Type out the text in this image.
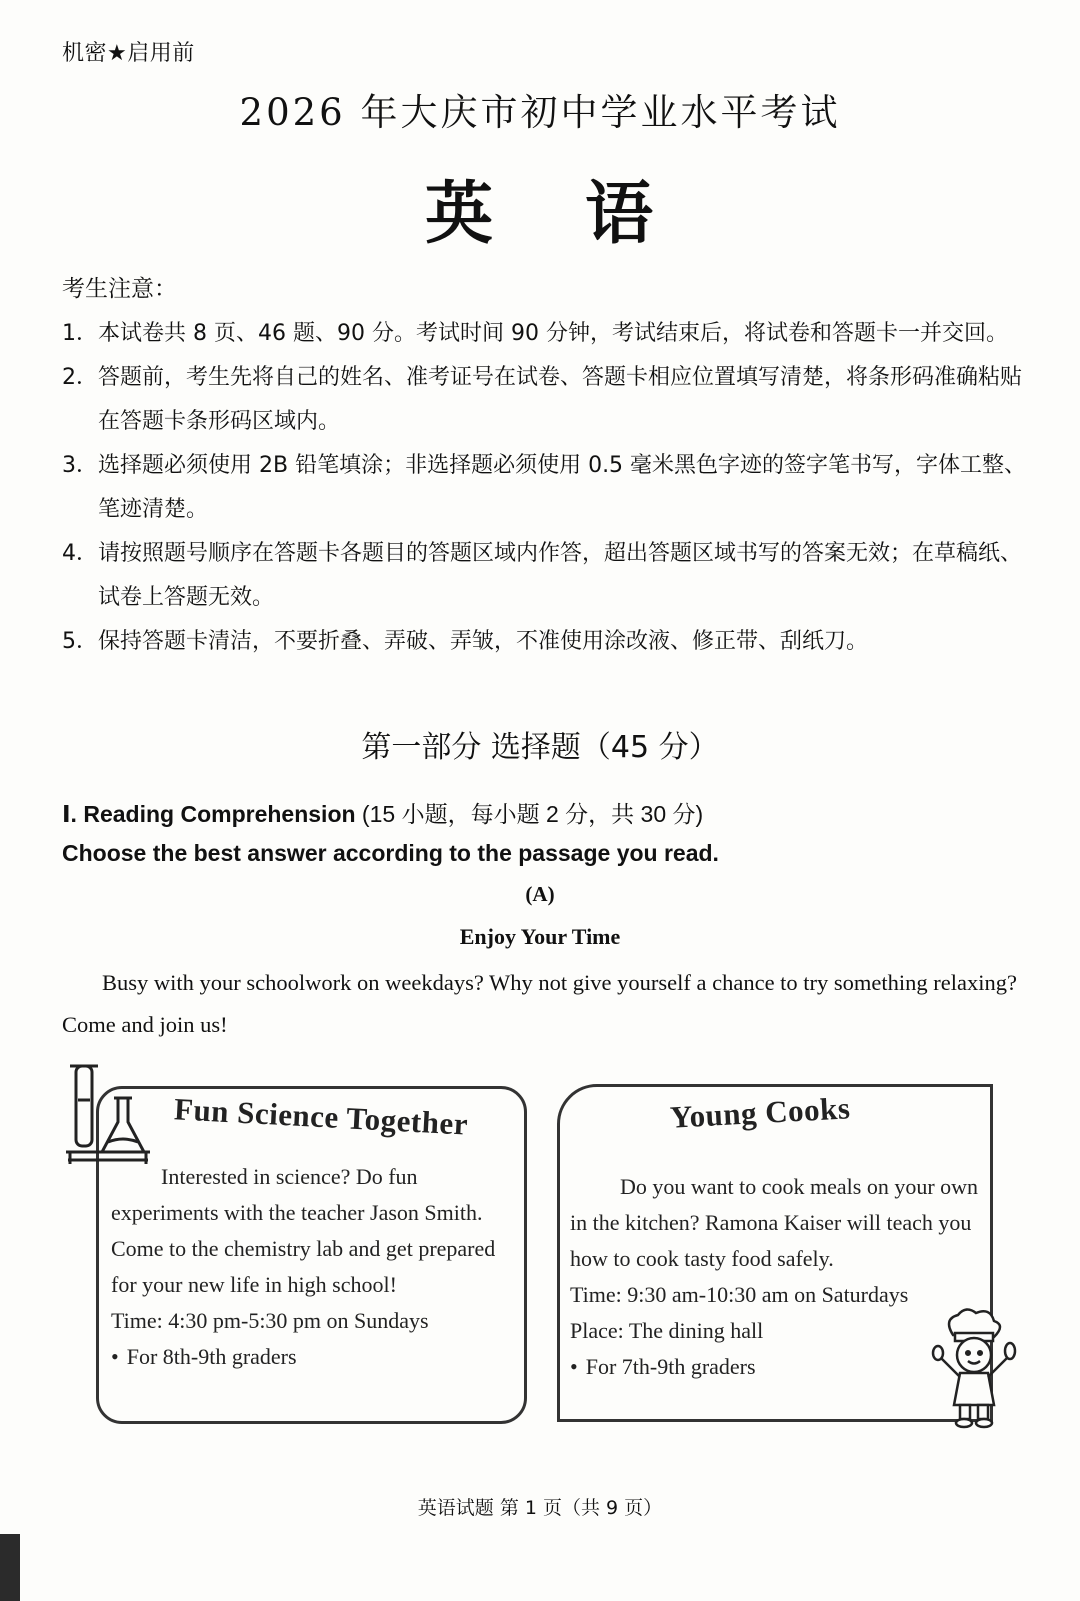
机密★启用前
2026 年大庆市初中学业水平考试
英 语
考生注意：
1． 本试卷共 8 页、46 题、90 分。考试时间 90 分钟，考试结束后，将试卷和答题卡一并交回。
2． 答题前，考生先将自己的姓名、准考证号在试卷、答题卡相应位置填写清楚，将条形码准确粘贴在答题卡条形码区域内。
3． 选择题必须使用 2B 铅笔填涂；非选择题必须使用 0.5 毫米黑色字迹的签字笔书写，字体工整、笔迹清楚。
4． 请按照题号顺序在答题卡各题目的答题区域内作答，超出答题区域书写的答案无效；在草稿纸、试卷上答题无效。
5． 保持答题卡清洁，不要折叠、弄破、弄皱，不准使用涂改液、修正带、刮纸刀。
第一部分 选择题（45 分）
Ⅰ. Reading Comprehension (15 小题，每小题 2 分，共 30 分)
Choose the best answer according to the passage you read.
(A)
Enjoy Your Time
Busy with your schoolwork on weekdays? Why not give yourself a chance to try something relaxing? Come and join us!
Fun Science Together
Interested in science? Do fun experiments with the teacher Jason Smith. Come to the chemistry lab and get prepared for your new life in high school!
Time: 4:30 pm-5:30 pm on Sundays
• For 8th-9th graders
Young Cooks
Do you want to cook meals on your own in the kitchen? Ramona Kaiser will teach you how to cook tasty food safely.
Time: 9:30 am-10:30 am on Saturdays
Place: The dining hall
• For 7th-9th graders
英语试题 第 1 页（共 9 页）
